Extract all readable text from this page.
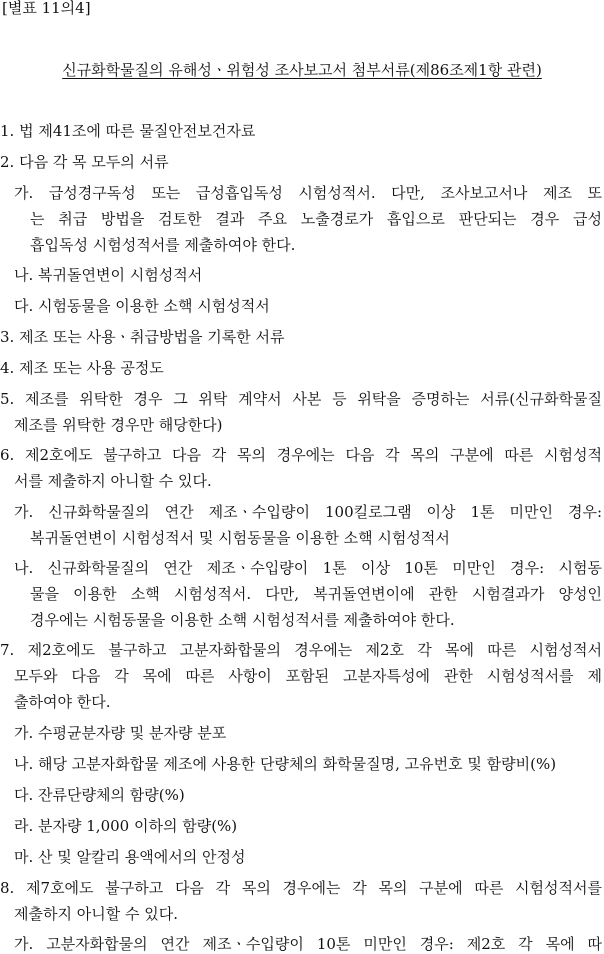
[별표 11의4]
신규화학물질의 유해성ㆍ위험성 조사보고서 첨부서류(제86조제1항 관련)
1. 법 제41조에 따른 물질안전보건자료
2. 다음 각 목 모두의 서류
가. 급성경구독성 또는 급성흡입독성 시험성적서. 다만, 조사보고서나 제조 또
는 취급 방법을 검토한 결과 주요 노출경로가 흡입으로 판단되는 경우 급성
흡입독성 시험성적서를 제출하여야 한다.
나. 복귀돌연변이 시험성적서
다. 시험동물을 이용한 소핵 시험성적서
3. 제조 또는 사용ㆍ취급방법을 기록한 서류
4. 제조 또는 사용 공정도
5. 제조를 위탁한 경우 그 위탁 계약서 사본 등 위탁을 증명하는 서류(신규화학물질
제조를 위탁한 경우만 해당한다)
6. 제2호에도 불구하고 다음 각 목의 경우에는 다음 각 목의 구분에 따른 시험성적
서를 제출하지 아니할 수 있다.
가. 신규화학물질의 연간 제조ㆍ수입량이 100킬로그램 이상 1톤 미만인 경우:
복귀돌연변이 시험성적서 및 시험동물을 이용한 소핵 시험성적서
나. 신규화학물질의 연간 제조ㆍ수입량이 1톤 이상 10톤 미만인 경우: 시험동
물을 이용한 소핵 시험성적서. 다만, 복귀돌연변이에 관한 시험결과가 양성인
경우에는 시험동물을 이용한 소핵 시험성적서를 제출하여야 한다.
7. 제2호에도 불구하고 고분자화합물의 경우에는 제2호 각 목에 따른 시험성적서
모두와 다음 각 목에 따른 사항이 포함된 고분자특성에 관한 시험성적서를 제
출하여야 한다.
가. 수평균분자량 및 분자량 분포
나. 해당 고분자화합물 제조에 사용한 단량체의 화학물질명, 고유번호 및 함량비(%)
다. 잔류단량체의 함량(%)
라. 분자량 1,000 이하의 함량(%)
마. 산 및 알칼리 용액에서의 안정성
8. 제7호에도 불구하고 다음 각 목의 경우에는 각 목의 구분에 따른 시험성적서를
제출하지 아니할 수 있다.
가. 고분자화합물의 연간 제조ㆍ수입량이 10톤 미만인 경우: 제2호 각 목에 따
